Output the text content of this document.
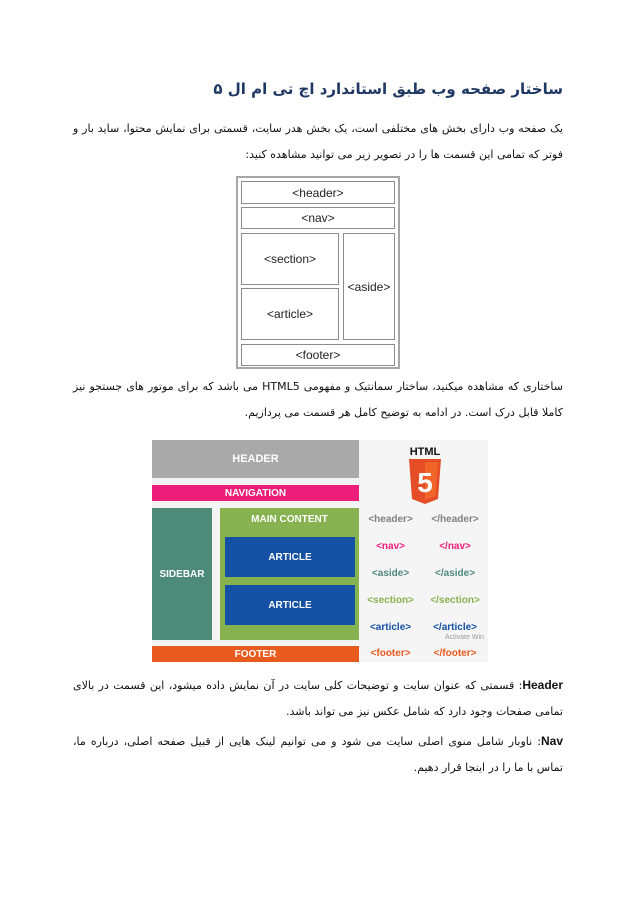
ساختار صفحه وب طبق استاندارد اچ تی ام ال ۵

یک صفحه وب دارای بخش های مختلفی است، یک بخش هدر سایت، قسمتی برای نمایش محتوا، ساید بار و فوتر که تمامی این قسمت ها را در تصویر زیر می توانید مشاهده کنید:

<header>
<nav>
<section>
<article>
<aside>
<footer>

ساختاری که مشاهده میکنید، ساختار سمانتیک و مفهومی HTML5 می باشد که برای موتور های جستجو نیز کاملا قابل درک است. در ادامه به توضیح کامل هر قسمت می پردازیم.

HEADER
NAVIGATION
SIDEBAR
MAIN CONTENT
ARTICLE
ARTICLE
FOOTER
HTML
5
<header> </header>
<nav>	</nav>
<aside>	</aside>
<section> </section>
<article> </article>
<footer> </footer>
Activate Win

Header: قسمتی که عنوان سایت و توضیحات کلی سایت در آن نمایش داده میشود، این قسمت در بالای تمامی صفحات وجود دارد که شامل عکس نیز می تواند باشد.

Nav: ناوبار شامل منوی اصلی سایت می شود و می توانیم لینک هایی از قبیل صفحه اصلی، درباره ما، تماس با ما را در اینجا قرار دهیم.
